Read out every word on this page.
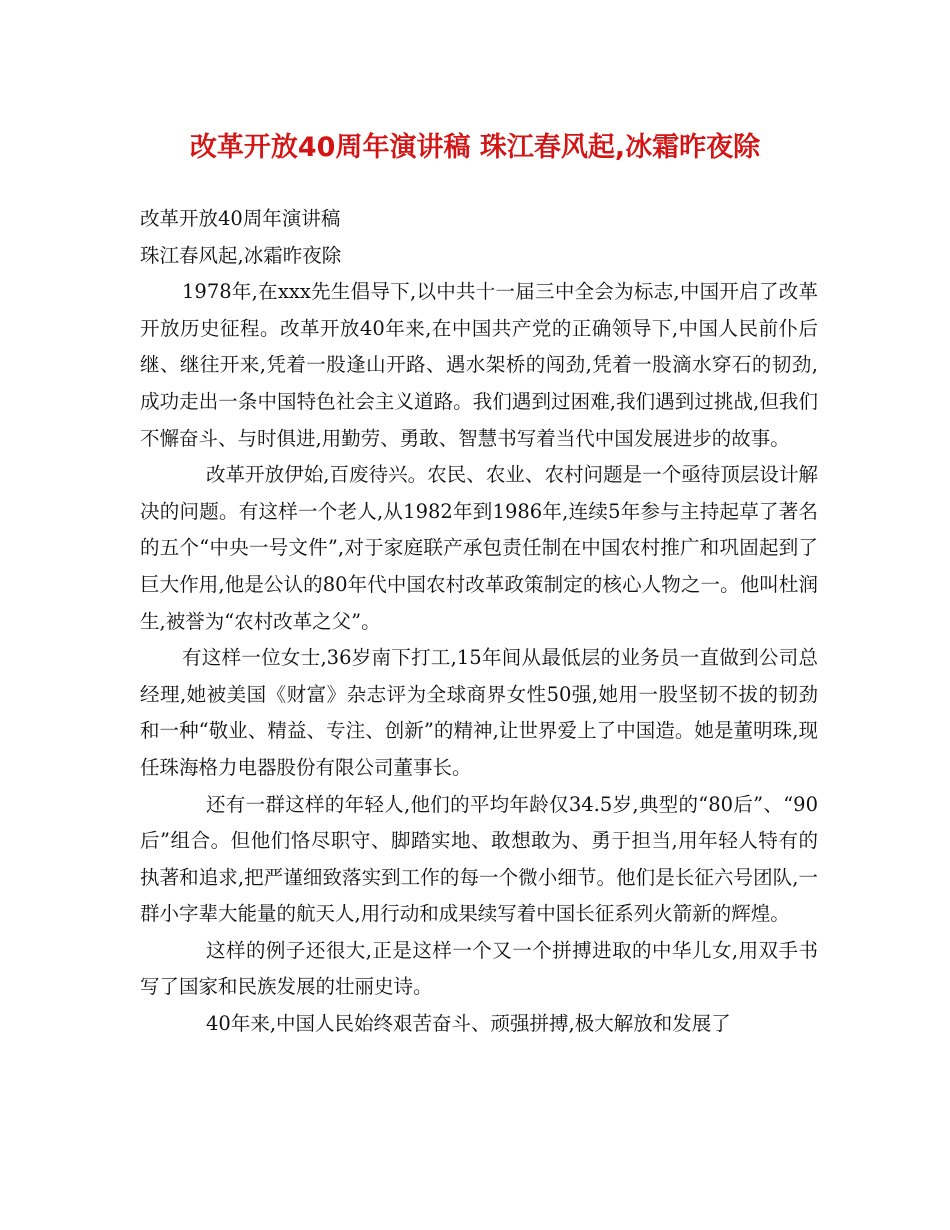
改革开放40周年演讲稿 珠江春风起,冰霜昨夜除

改革开放40周年演讲稿

珠江春风起,冰霜昨夜除

1978年,在xxx先生倡导下,以中共十一届三中全会为标志,中国开启了改革开放历史征程。改革开放40年来,在中国共产党的正确领导下,中国人民前仆后继、继往开来,凭着一股逢山开路、遇水架桥的闯劲,凭着一股滴水穿石的韧劲,成功走出一条中国特色社会主义道路。我们遇到过困难,我们遇到过挑战,但我们不懈奋斗、与时俱进,用勤劳、勇敢、智慧书写着当代中国发展进步的故事。

改革开放伊始,百废待兴。农民、农业、农村问题是一个亟待顶层设计解决的问题。有这样一个老人,从1982年到1986年,连续5年参与主持起草了著名的五个“中央一号文件”,对于家庭联产承包责任制在中国农村推广和巩固起到了巨大作用,他是公认的80年代中国农村改革政策制定的核心人物之一。他叫杜润生,被誉为“农村改革之父”。

有这样一位女士,36岁南下打工,15年间从最低层的业务员一直做到公司总经理,她被美国《财富》杂志评为全球商界女性50强,她用一股坚韧不拔的韧劲和一种“敬业、精益、专注、创新”的精神,让世界爱上了中国造。她是董明珠,现任珠海格力电器股份有限公司董事长。

还有一群这样的年轻人,他们的平均年龄仅34.5岁,典型的“80后”、“90后”组合。但他们恪尽职守、脚踏实地、敢想敢为、勇于担当,用年轻人特有的执著和追求,把严谨细致落实到工作的每一个微小细节。他们是长征六号团队,一群小字辈大能量的航天人,用行动和成果续写着中国长征系列火箭新的辉煌。

这样的例子还很大,正是这样一个又一个拼搏进取的中华儿女,用双手书写了国家和民族发展的壮丽史诗。

40年来,中国人民始终艰苦奋斗、顽强拼搏,极大解放和发展了
